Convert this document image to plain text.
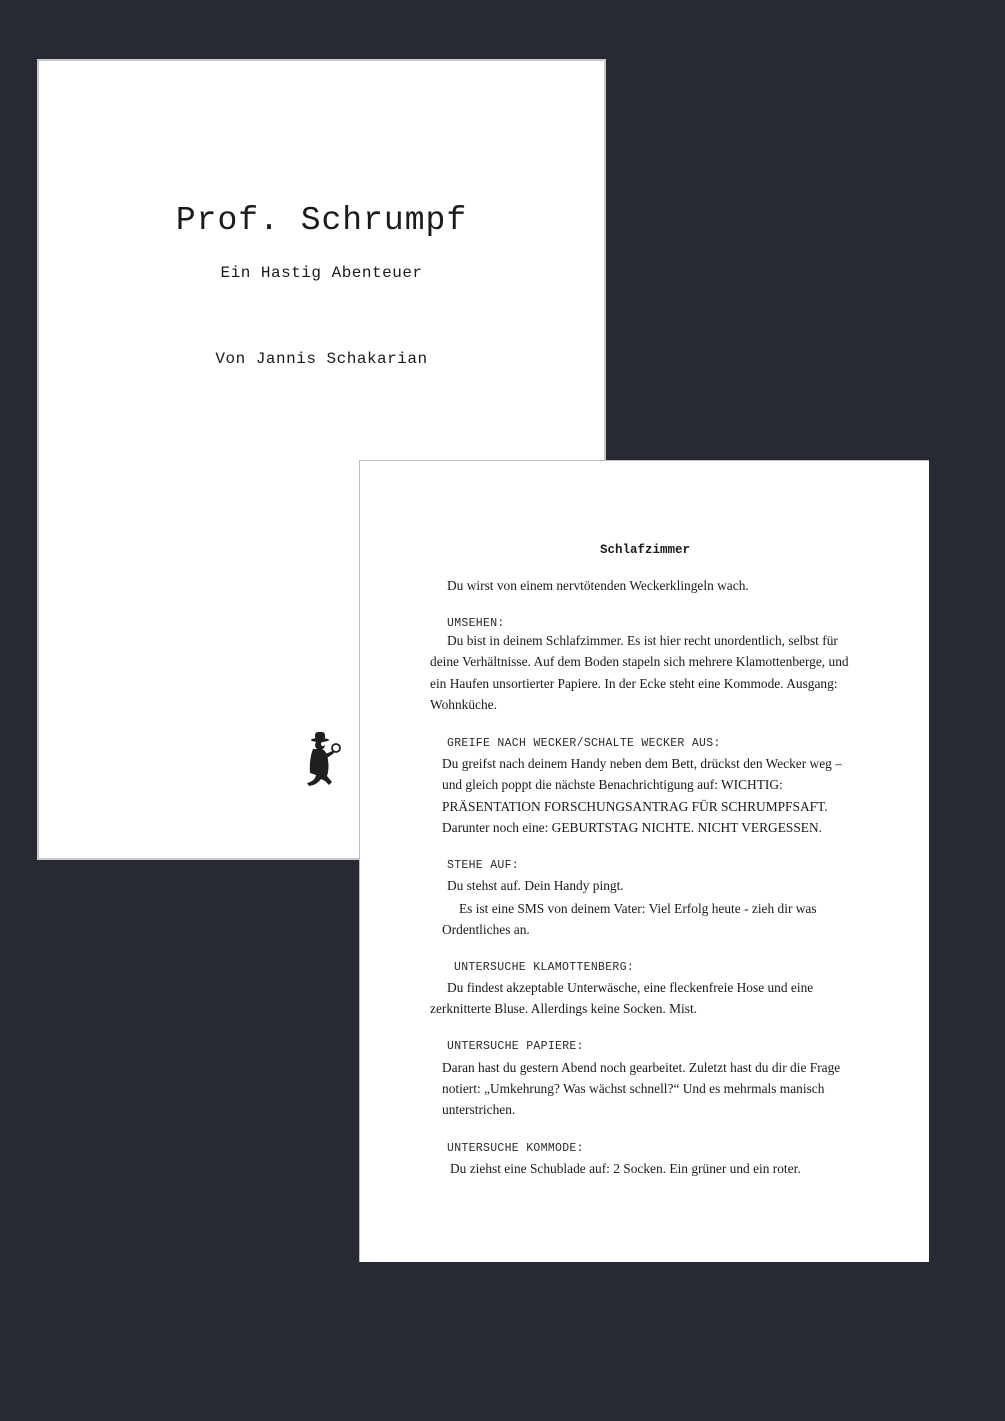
Prof. Schrumpf
Ein Hastig Abenteuer
Von Jannis Schakarian
Schlafzimmer
Du wirst von einem nervtötenden Weckerklingeln wach.
UMSEHEN:
Du bist in deinem Schlafzimmer. Es ist hier recht unordentlich, selbst für
deine Verhältnisse. Auf dem Boden stapeln sich mehrere Klamottenberge, und
ein Haufen unsortierter Papiere. In der Ecke steht eine Kommode. Ausgang:
Wohnküche.
GREIFE NACH WECKER/SCHALTE WECKER AUS:
Du greifst nach deinem Handy neben dem Bett, drückst den Wecker weg –
und gleich poppt die nächste Benachrichtigung auf: WICHTIG:
PRÄSENTATION FORSCHUNGSANTRAG FÜR SCHRUMPFSAFT.
Darunter noch eine: GEBURTSTAG NICHTE. NICHT VERGESSEN.
STEHE AUF:
Du stehst auf. Dein Handy pingt.
Es ist eine SMS von deinem Vater: Viel Erfolg heute - zieh dir was
Ordentliches an.
UNTERSUCHE KLAMOTTENBERG:
Du findest akzeptable Unterwäsche, eine fleckenfreie Hose und eine
zerknitterte Bluse. Allerdings keine Socken. Mist.
UNTERSUCHE PAPIERE:
Daran hast du gestern Abend noch gearbeitet. Zuletzt hast du dir die Frage
notiert: „Umkehrung? Was wächst schnell?“ Und es mehrmals manisch
unterstrichen.
UNTERSUCHE KOMMODE:
Du ziehst eine Schublade auf: 2 Socken. Ein grüner und ein roter.
